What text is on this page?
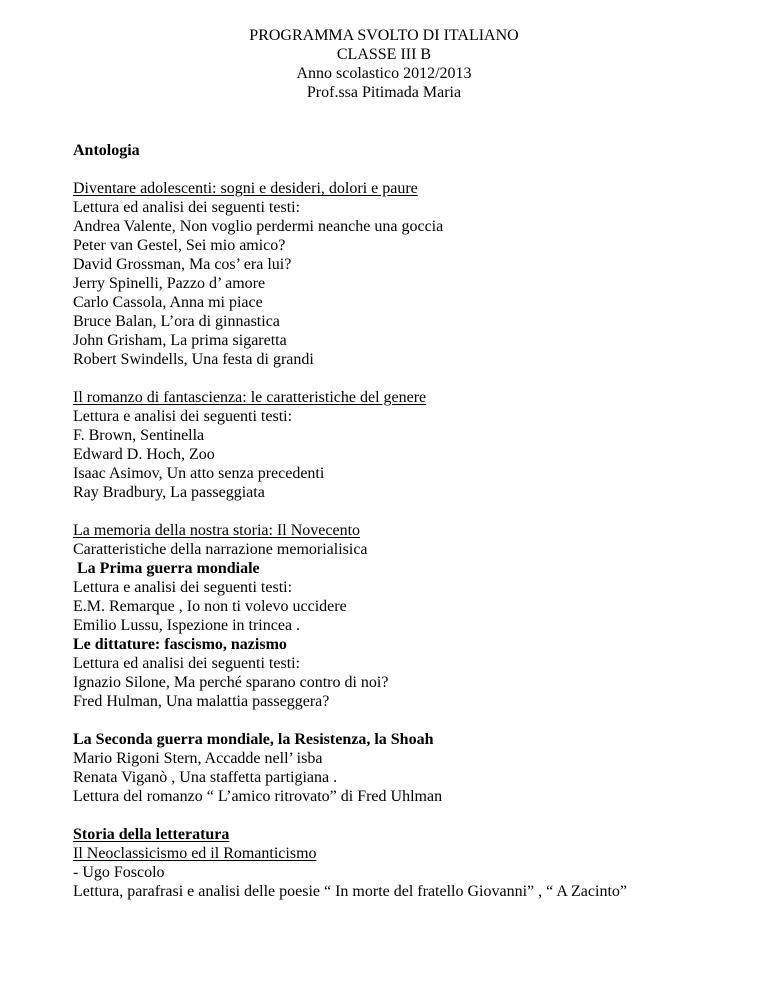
PROGRAMMA SVOLTO DI ITALIANO
CLASSE III B
Anno scolastico 2012/2013
Prof.ssa Pitimada Maria
Antologia
Diventare adolescenti: sogni e desideri, dolori e paure
Lettura ed analisi dei seguenti testi:
Andrea Valente, Non voglio perdermi neanche una goccia
Peter van Gestel, Sei mio amico?
David Grossman, Ma cos’ era lui?
Jerry Spinelli, Pazzo d’ amore
Carlo Cassola, Anna mi piace
Bruce Balan, L’ora di ginnastica
John Grisham, La prima sigaretta
Robert Swindells, Una festa di grandi
Il romanzo di fantascienza: le caratteristiche del genere
Lettura e analisi dei seguenti testi:
F. Brown, Sentinella
Edward D. Hoch, Zoo
Isaac Asimov, Un atto senza precedenti
Ray Bradbury, La passeggiata
La memoria della nostra storia: Il Novecento
Caratteristiche della narrazione memorialisica
La Prima guerra mondiale
Lettura e analisi dei seguenti testi:
E.M. Remarque , Io non ti volevo uccidere
Emilio Lussu, Ispezione in trincea .
Le dittature: fascismo, nazismo
Lettura ed analisi dei seguenti testi:
Ignazio Silone, Ma perché sparano contro di noi?
Fred Hulman, Una malattia passeggera?
La Seconda guerra mondiale, la Resistenza, la Shoah
Mario Rigoni Stern, Accadde nell’ isba
Renata Viganò , Una staffetta partigiana .
Lettura del romanzo “ L’amico ritrovato” di Fred Uhlman
Storia della letteratura
Il Neoclassicismo ed il Romanticismo
- Ugo Foscolo
Lettura, parafrasi e analisi delle poesie “ In morte del fratello Giovanni” , “ A Zacinto”
